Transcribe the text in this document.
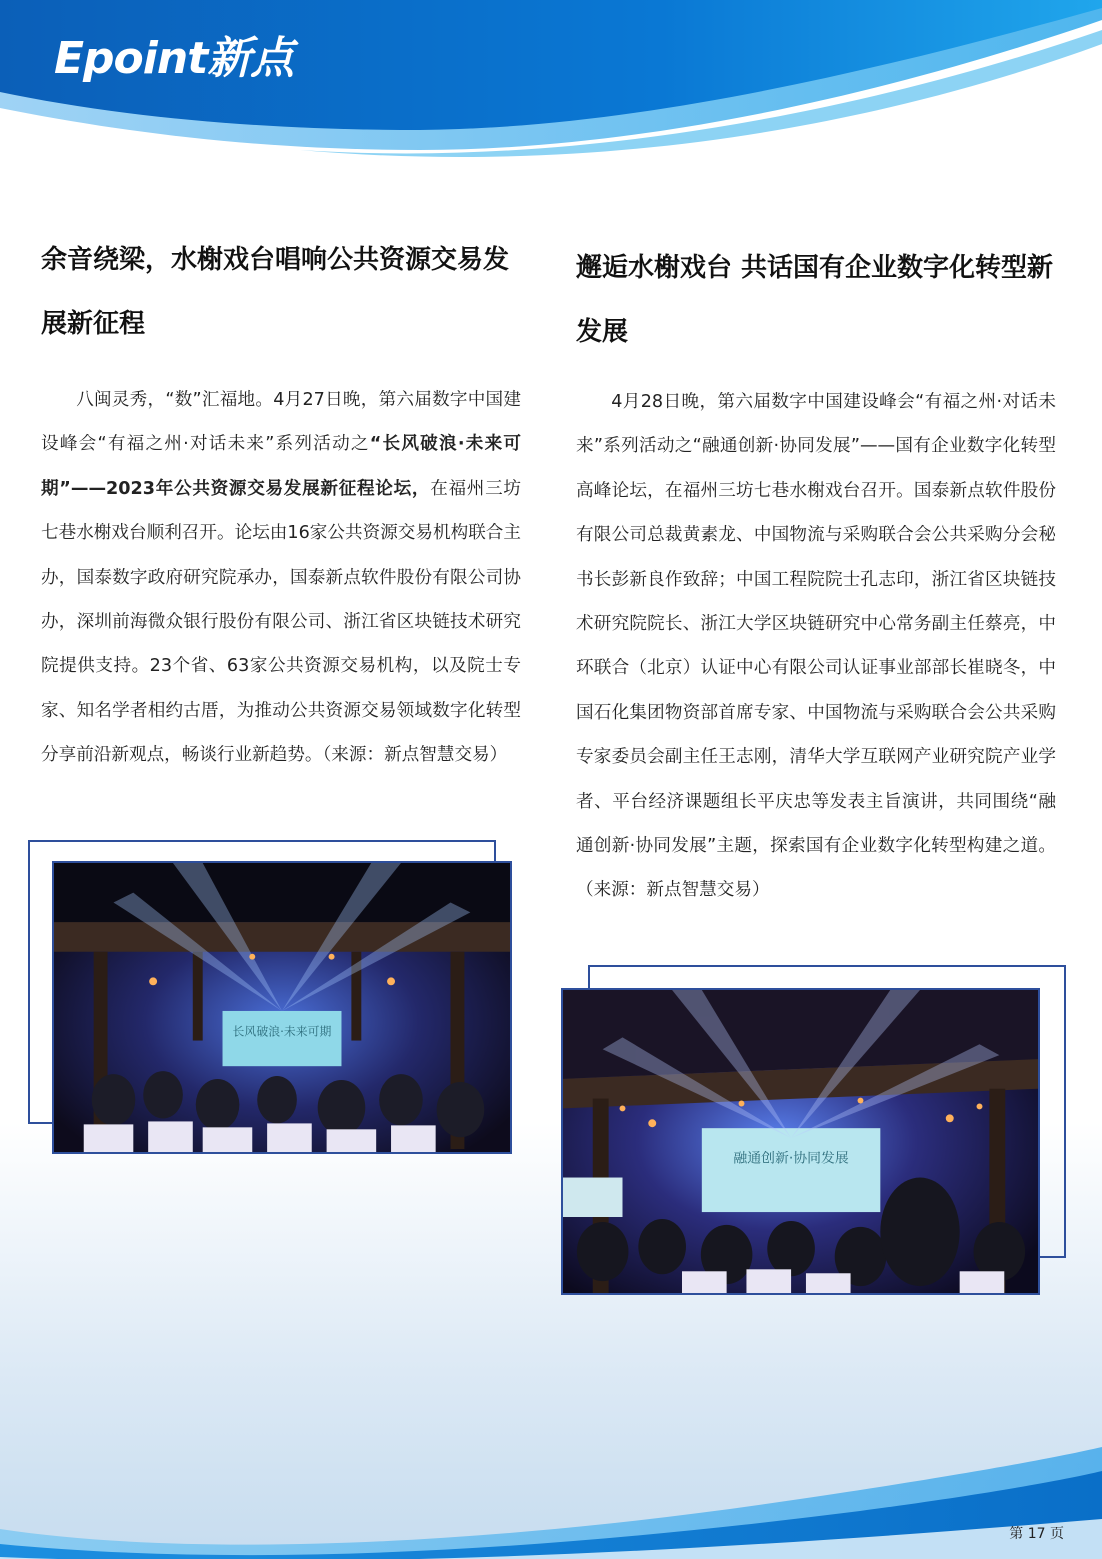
Epoint新点
余音绕梁，水榭戏台唱响公共资源交易发展新征程

八闽灵秀，“数”汇福地。4月27日晚，第六届数字中国建设峰会“有福之州·对话未来”系列活动之“长风破浪·未来可期”——2023年公共资源交易发展新征程论坛，在福州三坊七巷水榭戏台顺利召开。论坛由16家公共资源交易机构联合主办，国泰数字政府研究院承办，国泰新点软件股份有限公司协办，深圳前海微众银行股份有限公司、浙江省区块链技术研究院提供支持。23个省、63家公共资源交易机构，以及院士专家、知名学者相约古厝，为推动公共资源交易领域数字化转型分享前沿新观点，畅谈行业新趋势。（来源：新点智慧交易）

长风破浪·未来可期
邂逅水榭戏台 共话国有企业数字化转型新发展

4月28日晚，第六届数字中国建设峰会“有福之州·对话未来”系列活动之“融通创新·协同发展”——国有企业数字化转型高峰论坛，在福州三坊七巷水榭戏台召开。国泰新点软件股份有限公司总裁黄素龙、中国物流与采购联合会公共采购分会秘书长彭新良作致辞；中国工程院院士孔志印，浙江省区块链技术研究院院长、浙江大学区块链研究中心常务副主任蔡亮，中环联合（北京）认证中心有限公司认证事业部部长崔晓冬，中国石化集团物资部首席专家、中国物流与采购联合会公共采购专家委员会副主任王志刚，清华大学互联网产业研究院产业学者、平台经济课题组长平庆忠等发表主旨演讲，共同围绕“融通创新·协同发展”主题，探索国有企业数字化转型构建之道。（来源：新点智慧交易）

融通创新·协同发展
第 17 页
